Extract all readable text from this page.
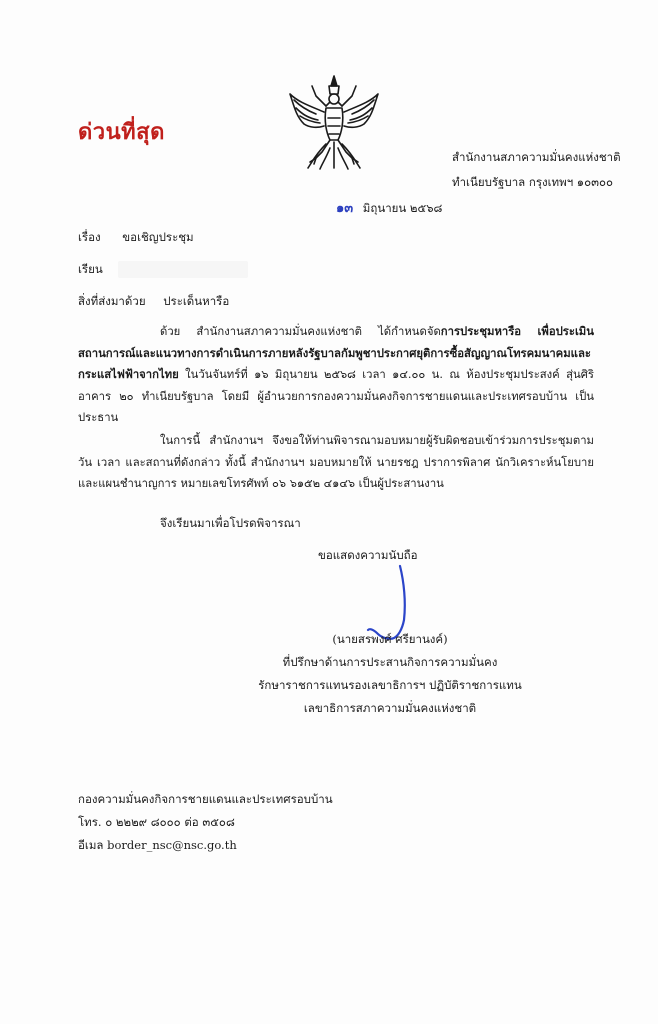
ด่วนที่สุด
สำนักงานสภาความมั่นคงแห่งชาติ
ทำเนียบรัฐบาล กรุงเทพฯ ๑๐๓๐๐
๑๓ มิถุนายน ๒๕๖๘
เรื่อง ขอเชิญประชุม
เรียน
สิ่งที่ส่งมาด้วย ประเด็นหารือ
ด้วย สำนักงานสภาความมั่นคงแห่งชาติ ได้กำหนดจัดการประชุมหารือ เพื่อประเมินสถานการณ์และแนวทางการดำเนินการภายหลังรัฐบาลกัมพูชาประกาศยุติการซื้อสัญญาณโทรคมนาคมและกระแสไฟฟ้าจากไทย ในวันจันทร์ที่ ๑๖ มิถุนายน ๒๕๖๘ เวลา ๑๔.๐๐ น. ณ ห้องประชุมประสงค์ สุ่นศิริ อาคาร ๒๐ ทำเนียบรัฐบาล โดยมี ผู้อำนวยการกองความมั่นคงกิจการชายแดนและประเทศรอบบ้าน เป็นประธาน
ในการนี้ สำนักงานฯ จึงขอให้ท่านพิจารณามอบหมายผู้รับผิดชอบเข้าร่วมการประชุมตาม วัน เวลา และสถานที่ดังกล่าว ทั้งนี้ สำนักงานฯ มอบหมายให้ นายรชฎ ปราการพิลาศ นักวิเคราะห์นโยบายและแผนชำนาญการ หมายเลขโทรศัพท์ ๐๖ ๖๑๕๒ ๔๑๔๖ เป็นผู้ประสานงาน
จึงเรียนมาเพื่อโปรดพิจารณา
ขอแสดงความนับถือ
(นายสรพงศ์ ศรียานงค์)
ที่ปรึกษาด้านการประสานกิจการความมั่นคง
รักษาราชการแทนรองเลขาธิการฯ ปฏิบัติราชการแทน
เลขาธิการสภาความมั่นคงแห่งชาติ
กองความมั่นคงกิจการชายแดนและประเทศรอบบ้าน
โทร. ๐ ๒๒๒๙ ๘๐๐๐ ต่อ ๓๕๐๘
อีเมล border_nsc@nsc.go.th
